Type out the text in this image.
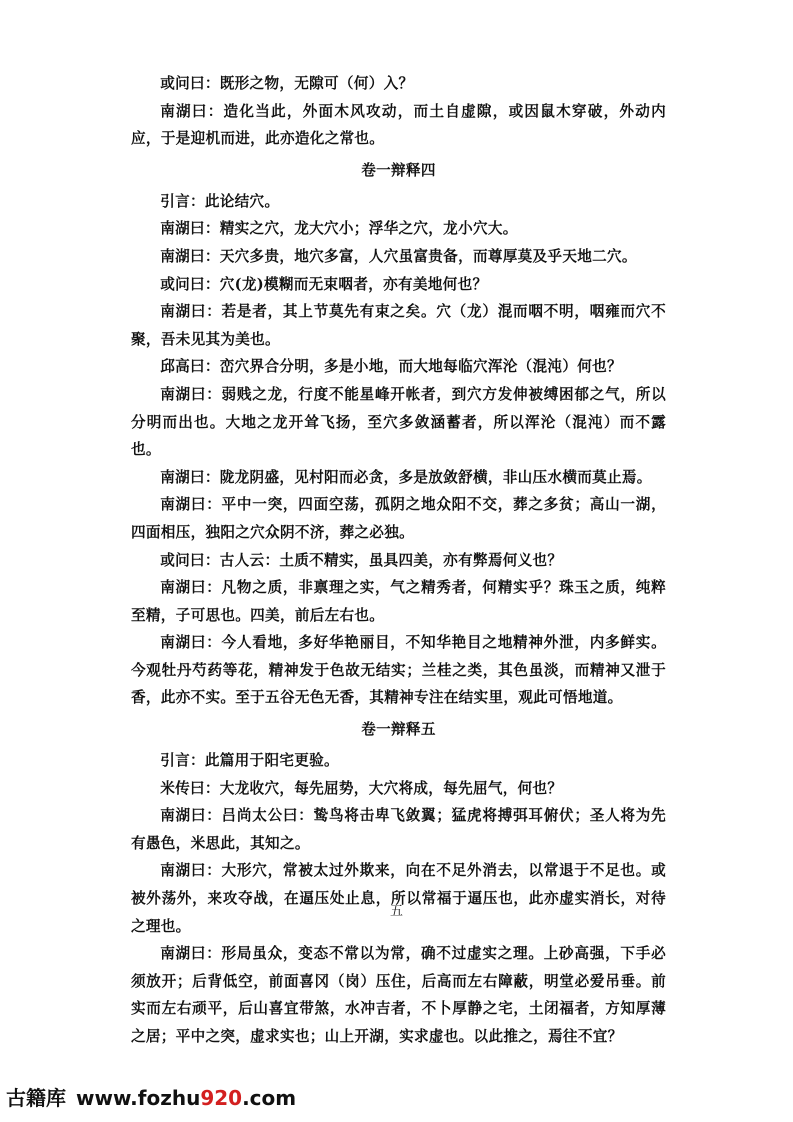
或问曰：既形之物，无隙可（何）入？

南湖曰：造化当此，外面木风攻动，而土自虚隙，或因鼠木穿破，外动内应，于是迎机而进，此亦造化之常也。

卷一辩释四

引言：此论结穴。

南湖曰：精实之穴，龙大穴小；浮华之穴，龙小穴大。

南湖曰：天穴多贵，地穴多富，人穴虽富贵备，而尊厚莫及乎天地二穴。

或问曰：穴(龙)模糊而无束咽者，亦有美地何也？

南湖曰：若是者，其上节莫先有束之矣。穴（龙）混而咽不明，咽雍而穴不聚，吾未见其为美也。

邱高曰：峦穴界合分明，多是小地，而大地每临穴浑沦（混沌）何也？

南湖曰：弱贱之龙，行度不能星峰开帐者，到穴方发伸被缚困郁之气，所以分明而出也。大地之龙开耸飞扬，至穴多敛涵蓄者，所以浑沦（混沌）而不露也。

南湖曰：陇龙阴盛，见村阳而必贪，多是放敛舒横，非山压水横而莫止焉。

南湖曰：平中一突，四面空荡，孤阴之地众阳不交，葬之多贫；高山一湖，四面相压，独阳之穴众阴不济，葬之必独。

或问曰：古人云：土质不精实，虽具四美，亦有弊焉何义也？

南湖曰：凡物之质，非禀理之实，气之精秀者，何精实乎？珠玉之质，纯粹至精，子可思也。四美，前后左右也。

南湖曰：今人看地，多好华艳丽目，不知华艳目之地精神外泄，内多鲜实。今观牡丹芍药等花，精神发于色故无结实；兰桂之类，其色虽淡，而精神又泄于香，此亦不实。至于五谷无色无香，其精神专注在结实里，观此可悟地道。

卷一辩释五

引言：此篇用于阳宅更验。

米传曰：大龙收穴，每先屈势，大穴将成，每先屈气，何也？

南湖曰：吕尚太公曰：鸷鸟将击卑飞敛翼；猛虎将搏弭耳俯伏；圣人将为先有愚色，米思此，其知之。

南湖曰：大形穴，常被太过外欺来，向在不足外消去，以常退于不足也。或被外荡外，来攻夺战，在逼压处止息，所以常福于逼压也，此亦虚实消长，对待之理也。

南湖曰：形局虽众，变态不常以为常，确不过虚实之理。上砂高强，下手必须放开；后背低空，前面喜冈（岗）压住，后高而左右障蔽，明堂必爱吊垂。前实而左右顽平，后山喜宜带煞，水冲吉者，不卜厚静之宅，土闭福者，方知厚薄之居；平中之突，虚求实也；山上开湖，实求虚也。以此推之，焉往不宜？

五
古籍库 www.fozhu920.com
